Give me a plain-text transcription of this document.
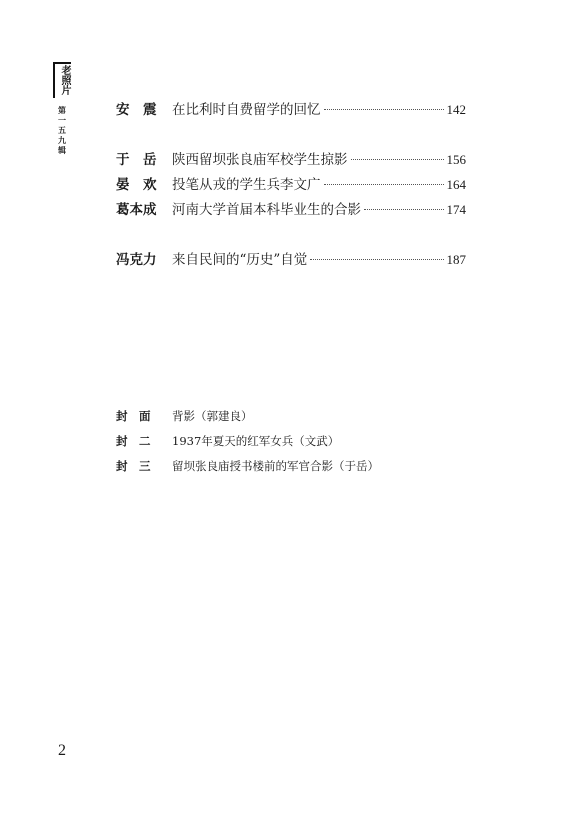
老照片
第一五九辑	安　震	在比利时自费留学的回忆	142
于　岳	陕西留坝张良庙军校学生掠影	156
晏　欢	投笔从戎的学生兵李文广	164
葛本成	河南大学首届本科毕业生的合影	174
冯克力	来自民间的“历史”自觉	187
封　面	背影（郭建良）
封　二	1937年夏天的红军女兵（文武）
封　三	留坝张良庙授书楼前的军官合影（于岳）
2
